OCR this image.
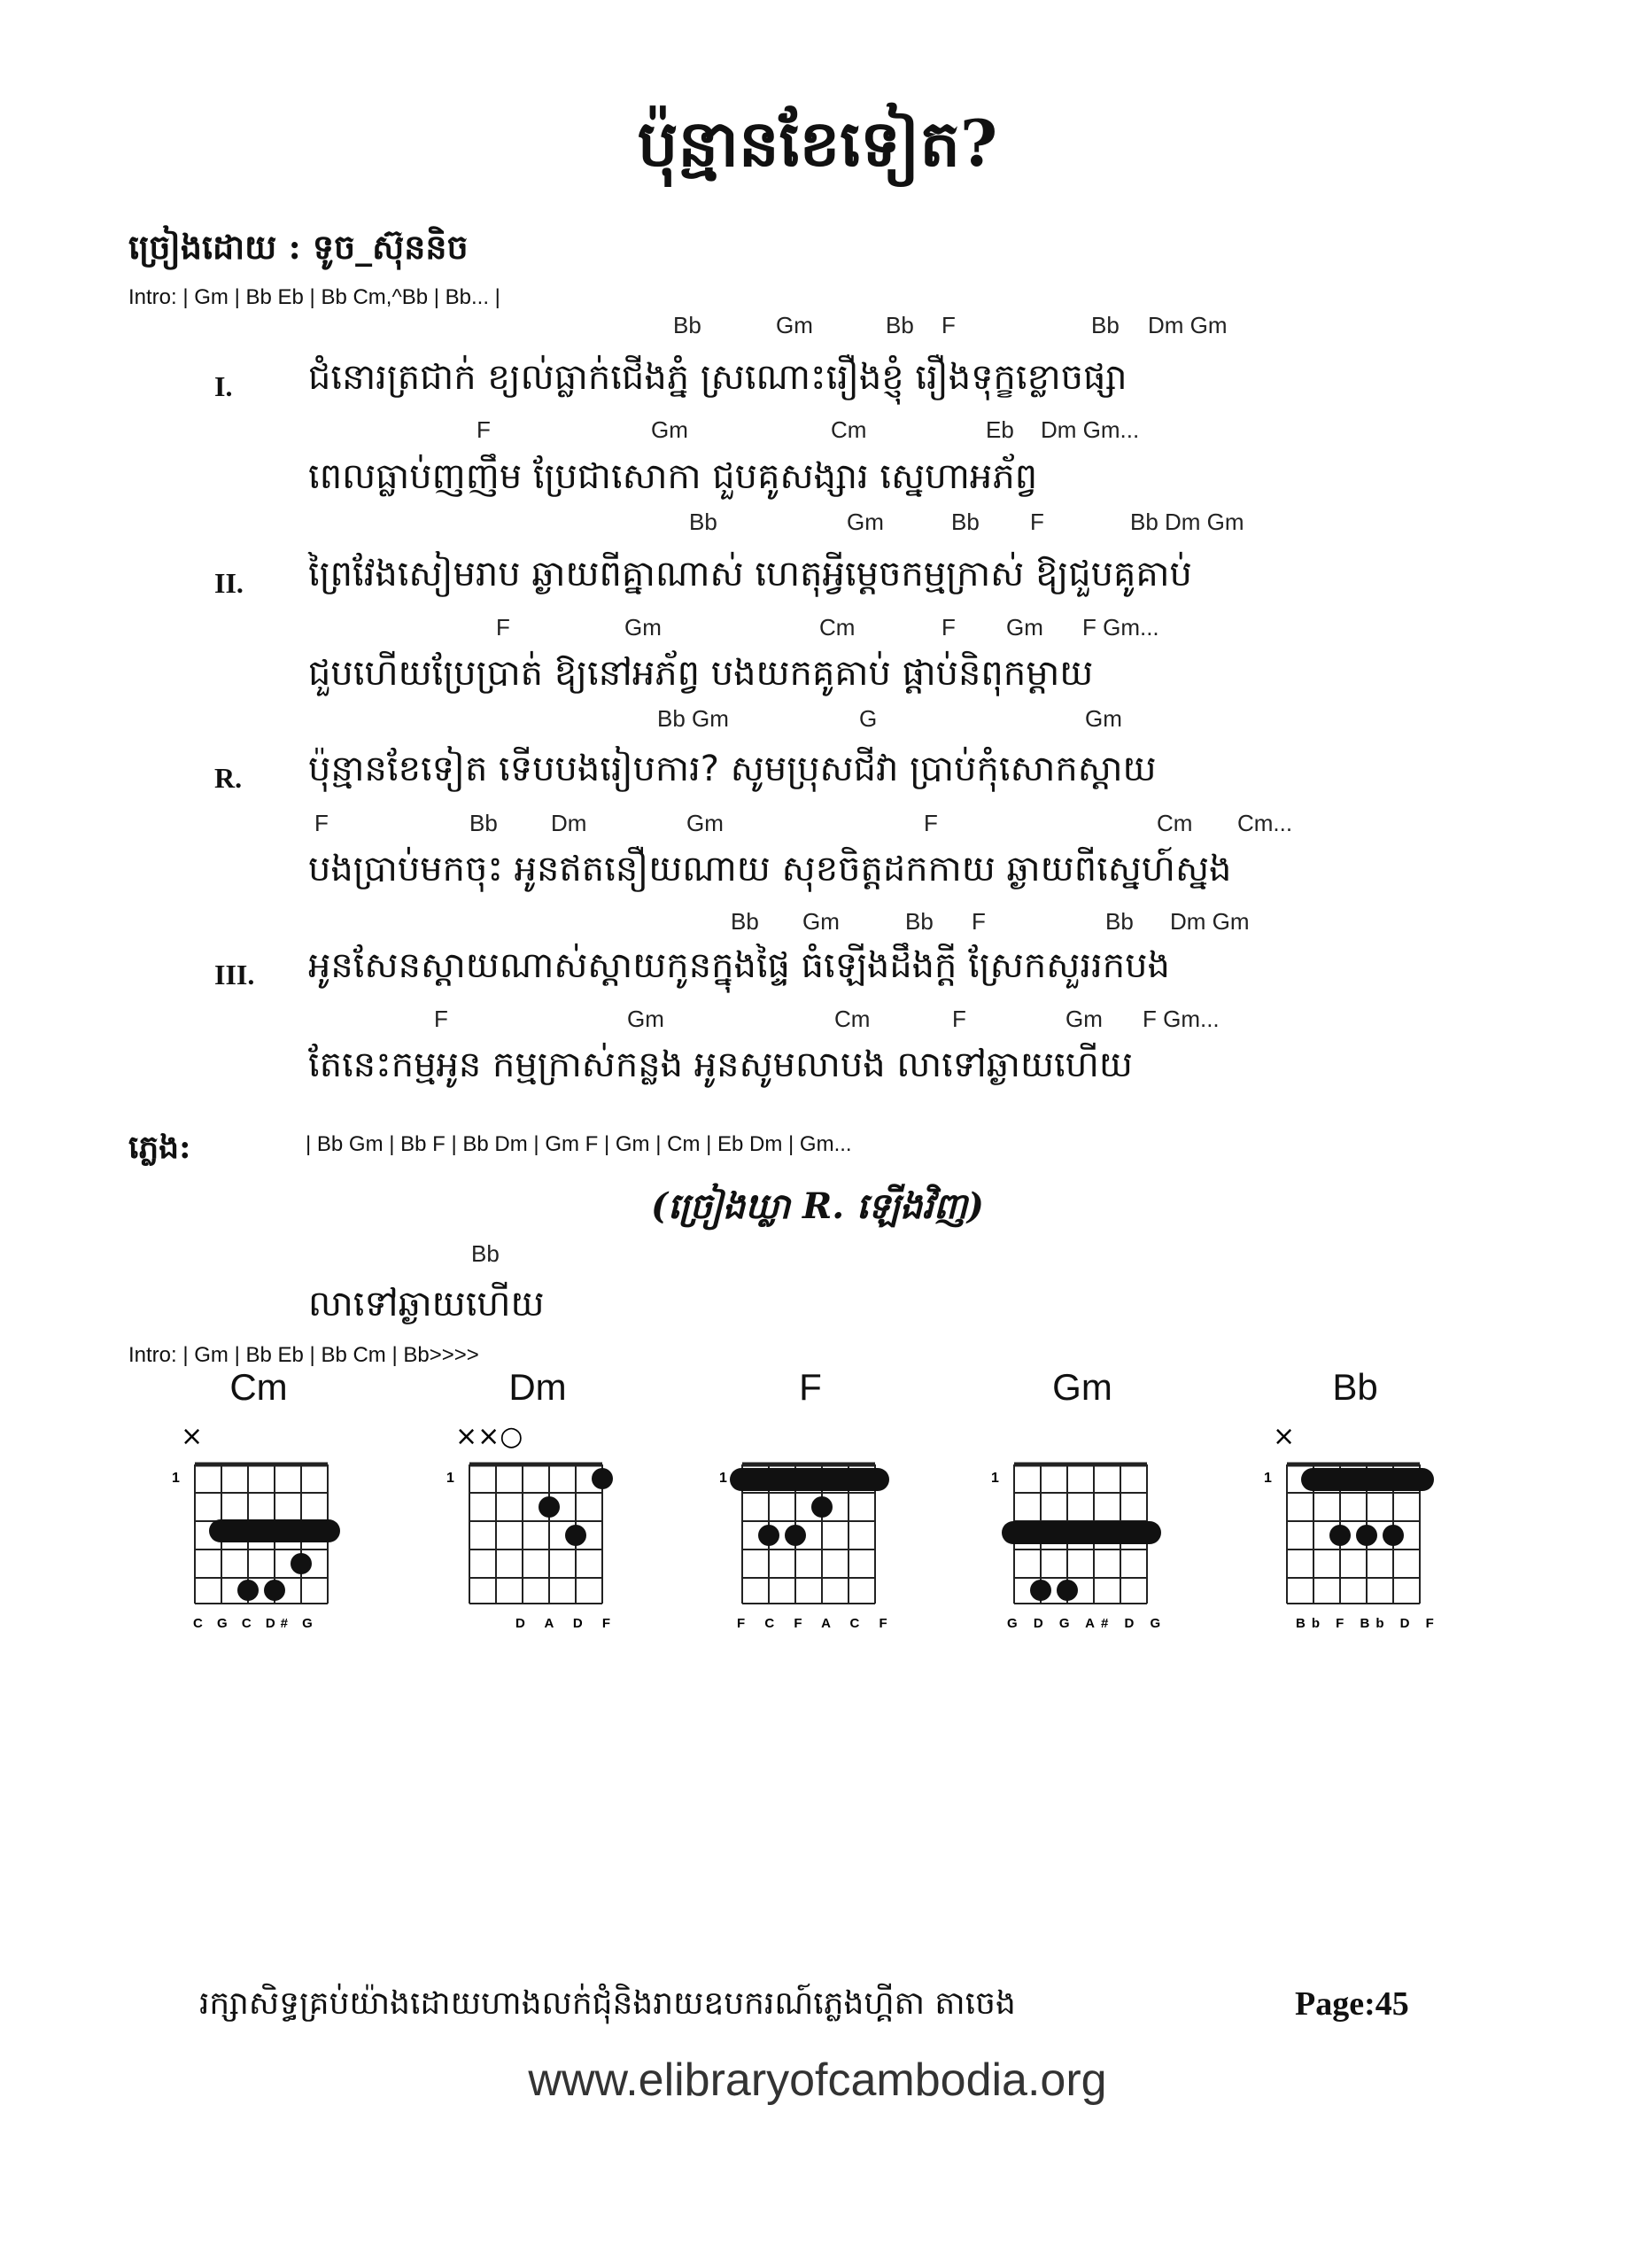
ប៉ុន្មានខែទៀត?
ច្រៀងដោយ : ទូច_ស៊ុននិច
Intro: | Gm | Bb Eb | Bb Cm,^Bb | Bb... |
I.
Bb	Gm	Bb F	Bb Dm Gm
ជំនោរត្រជាក់ ខ្យល់ធ្លាក់ជើងភ្នំ ស្រណោះរឿងខ្ញុំ រឿងទុក្ខខ្លោចផ្សា
F	Gm	Cm	Eb Dm Gm...
ពេលធ្លាប់ញញឹម ប្រែជាសោកា ជួបគូសង្សារ ស្នេហាអភ័ព្វ
II.
Bb	Gm	Bb F	Bb Dm Gm
ព្រៃវែងសៀមរាប ឆ្ងាយពីគ្នាណាស់ ហេតុអ្វីម្ដេចកម្មក្រាស់ ឱ្យជួបគូគាប់
F	Gm	Cm	F Gm F Gm...
ជួបហើយប្រែប្រាត់ ឱ្យនៅអភ័ព្វ បងយកគូគាប់ ផ្ដាប់និពុកម្ដាយ
R.
Bb Gm	G	Gm
ប៉ុន្មានខែទៀត ទើបបងរៀបការ? សូមប្រុសជីវា ប្រាប់កុំសោកស្ដាយ
F	Bb Dm	Gm	F	Cm Cm...
បងប្រាប់មកចុះ អូនឥតនឿយណាយ សុខចិត្តដកកាយ ឆ្ងាយពីស្នេហ៍ស្នង
III.
Bb Gm	Bb F	Bb Dm Gm
អូនសែនស្ដាយណាស់ស្ដាយកូនក្នុងផ្ទៃ ធំឡើងដឹងក្ដី ស្រែកសួររកបង
F	Gm	Cm	F	Gm F Gm...
តែនេះកម្មអូន កម្មក្រាស់កន្លង អូនសូមលាបង លាទៅឆ្ងាយហើយ
ភ្លេង:	| Bb Gm | Bb F | Bb Dm | Gm F | Gm | Cm | Eb Dm | Gm...
(ច្រៀងឃ្លា R. ឡើងវិញ)
Bb
លាទៅឆ្ងាយហើយ
Intro: | Gm | Bb Eb | Bb Cm | Bb>>>>
Cm	Dm	F	Gm	Bb
×
1
C G C D# G
××○
1
D A D F
1
F C F A C F
1
G D G A# D G
×
1
Bb F Bb D F
រក្សាសិទ្ធគ្រប់យ៉ាងដោយហាងលក់ជុំនិងរាយឧបករណ៍ភ្លេងហ្គីតា តាចេង	Page:45
www.elibraryofcambodia.org
